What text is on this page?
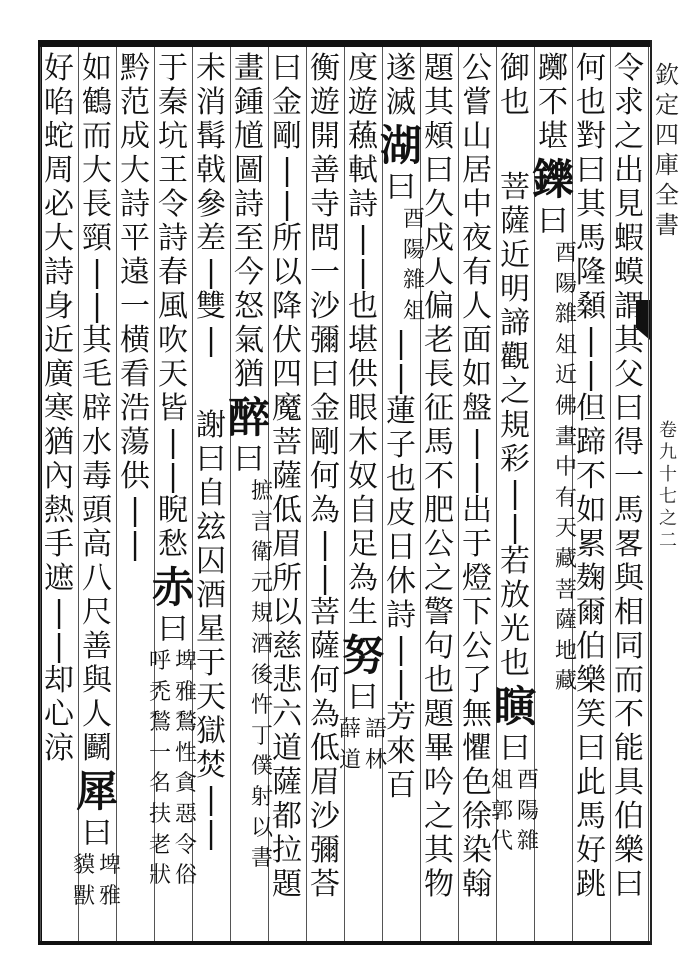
欽
定
四
庫
全
書
卷
九
十
七
之
二
令
求
之
出
見
蝦
蟆
謂
其
父
曰
得
一
馬
畧
與
相
同
而
不
能
具
伯
樂
曰
何
也
對
曰
其
馬
隆
顙
|
|
但
蹄
不
如
累
麹
爾
伯
樂
笑
曰
此
馬
好
跳
躑
不
堪
鑠
曰
酉
陽
雜
俎
近
佛
畫
中
有
天
藏
菩
薩
地
藏
御
也
菩
薩
近
明
諦
觀
之
規
彩
|
|
若
放
光
也
瞚
曰
酉
陽
雜
俎
郭
代
公
嘗
山
居
中
夜
有
人
面
如
盤
|
|
出
于
燈
下
公
了
無
懼
色
徐
染
翰
題
其
頰
曰
久
戍
人
偏
老
長
征
馬
不
肥
公
之
警
句
也
題
畢
吟
之
其
物
遂
滅
湖
曰
酉
陽
雜
俎
|
|
蓮
子
也
皮
日
休
詩
|
|
芳
來
百
度
遊
蘓
軾
詩
|
|
也
堪
供
眼
木
奴
自
足
為
生
努
曰
語
林
薛
道
衡
遊
開
善
寺
問
一
沙
彌
曰
金
剛
何
為
|
|
菩
薩
何
為
低
眉
沙
彌
荅
曰
金
剛
|
|
所
以
降
伏
四
魔
菩
薩
低
眉
所
以
慈
悲
六
道
薩
都
拉
題
畫
鍾
馗
圖
詩
至
今
怒
氣
猶
醉
曰
摭
言
衛
元
規
酒
後
忤
丁
僕
射
以
書
未
消
髯
戟
參
差
|
雙
|
謝
曰
自
玆
囚
酒
星
于
天
獄
焚
|
|
于
秦
坑
王
令
詩
春
風
吹
天
皆
|
|
睨
愁
赤
曰
埤
雅
鶖
性
貪
惡
令
俗
呼
禿
鶖
一
名
扶
老
狀
黔
范
成
大
詩
平
遠
一
横
看
浩
蕩
供
|
|
如
鶴
而
大
長
頸
|
|
其
毛
辟
水
毒
頭
高
八
尺
善
與
人
鬬
犀
曰
埤
雅
貘
獸
好
啗
蛇
周
必
大
詩
身
近
廣
寒
猶
內
熱
手
遮
|
|
却
心
涼
